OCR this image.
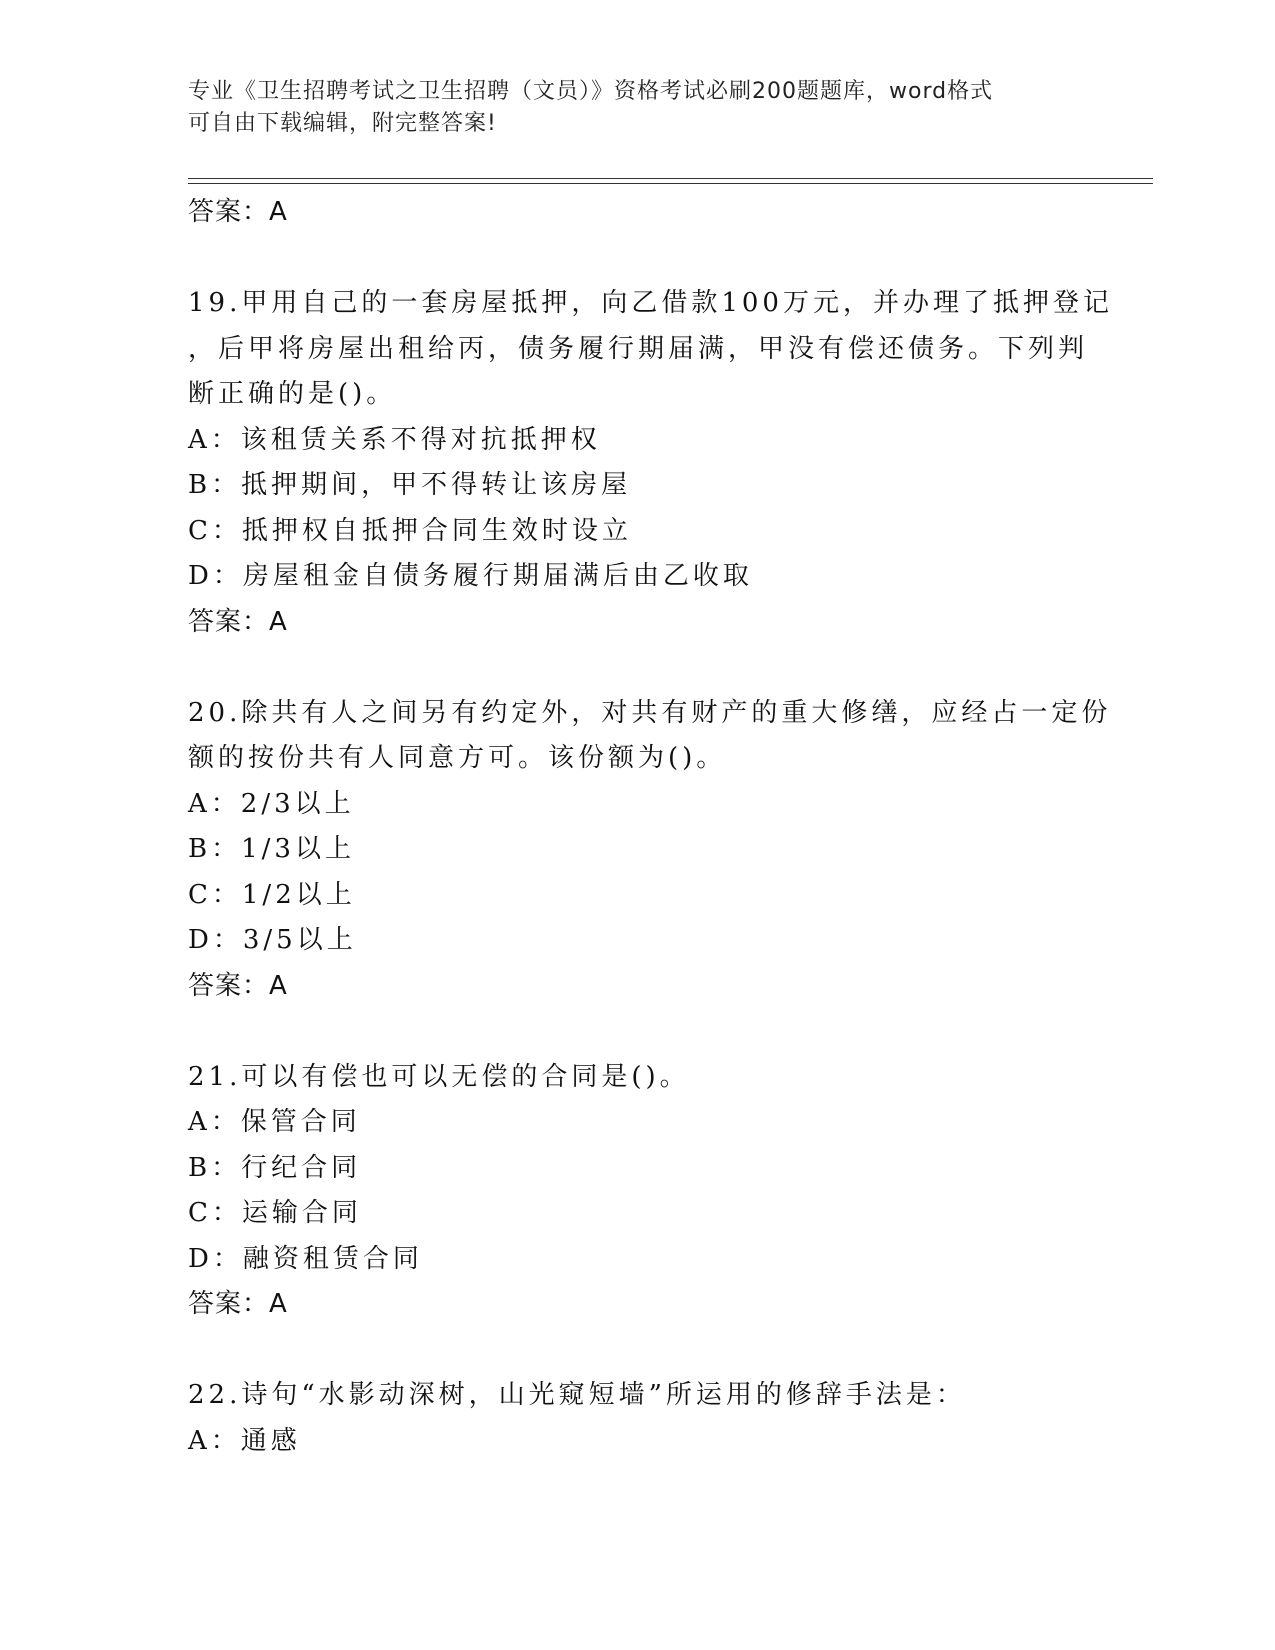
专业《卫生招聘考试之卫生招聘（文员）》资格考试必刷200题题库，word格式
可自由下载编辑，附完整答案!
答案：A
19.甲用自己的一套房屋抵押，向乙借款100万元，并办理了抵押登记
，后甲将房屋出租给丙，债务履行期届满，甲没有偿还债务。下列判
断正确的是()。
A：该租赁关系不得对抗抵押权
B：抵押期间，甲不得转让该房屋
C：抵押权自抵押合同生效时设立
D：房屋租金自债务履行期届满后由乙收取
答案：A
20.除共有人之间另有约定外，对共有财产的重大修缮，应经占一定份
额的按份共有人同意方可。该份额为()。
A：2/3以上
B：1/3以上
C：1/2以上
D：3/5以上
答案：A
21.可以有偿也可以无偿的合同是()。
A：保管合同
B：行纪合同
C：运输合同
D：融资租赁合同
答案：A
22.诗句“水影动深树，山光窥短墙”所运用的修辞手法是：
A：通感
